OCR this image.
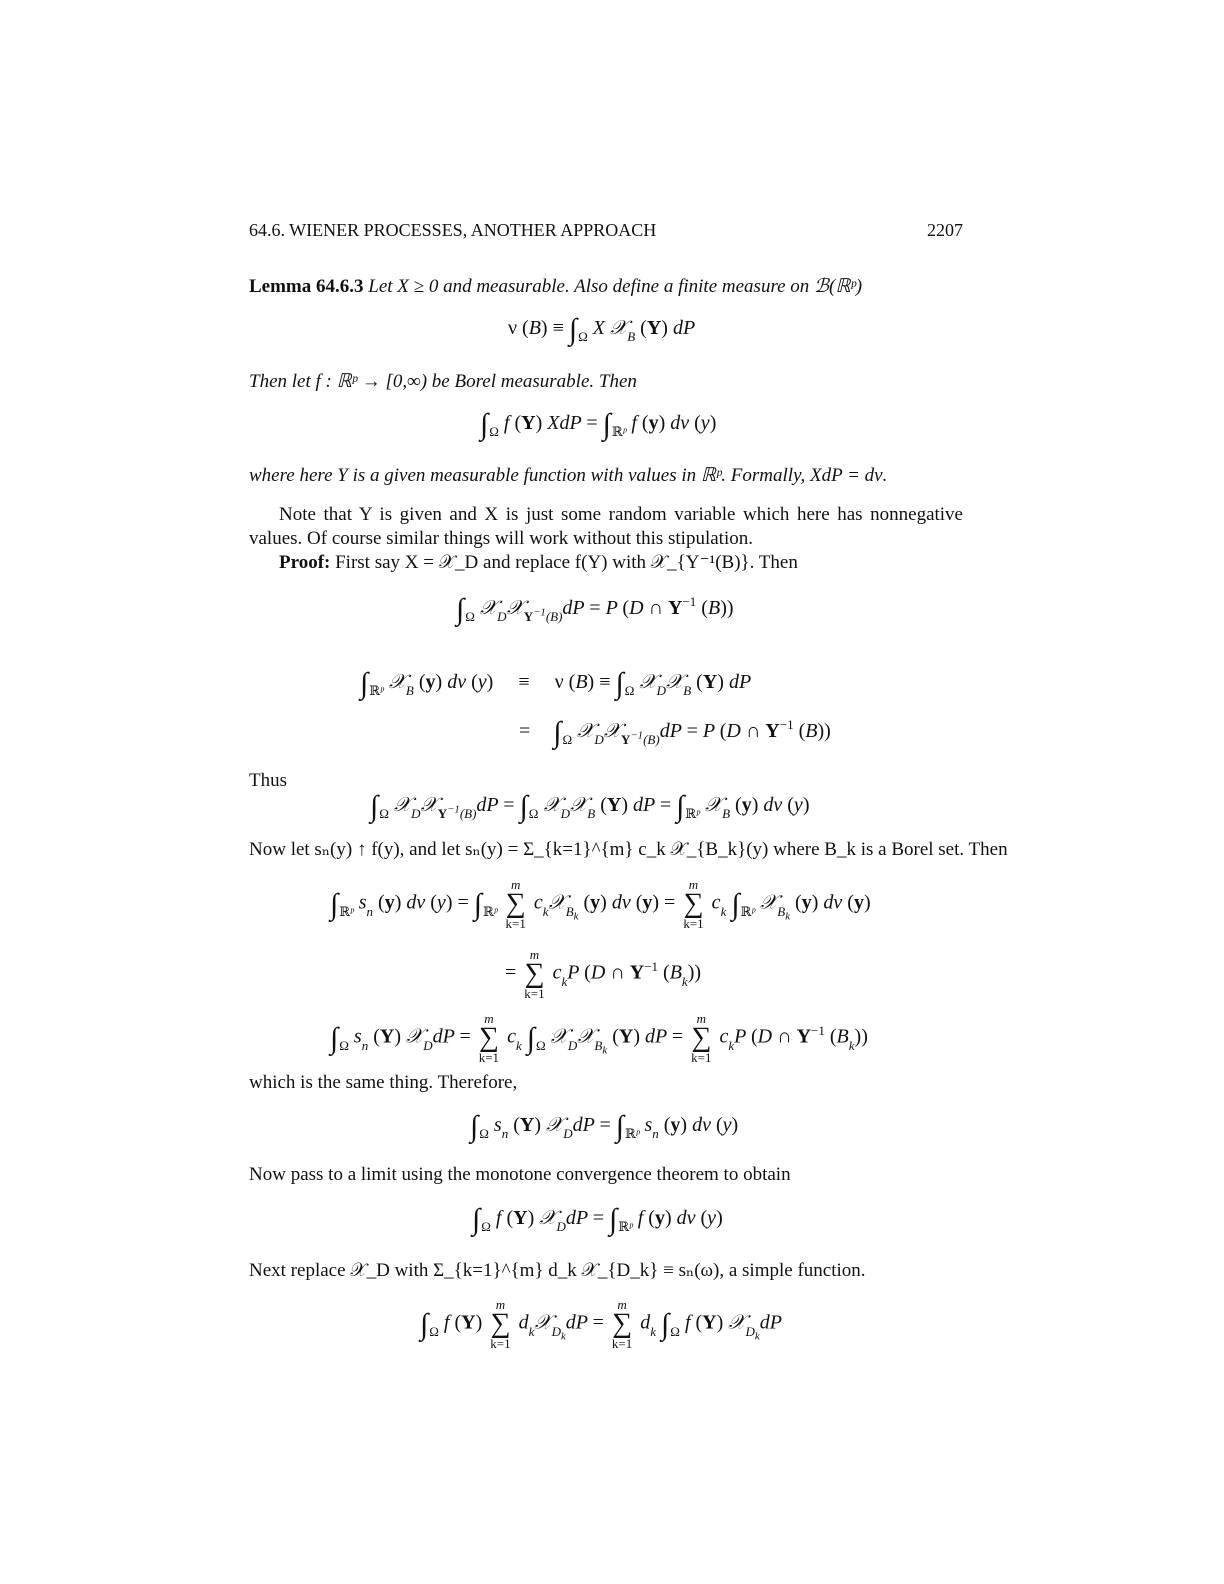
64.6. WIENER PROCESSES, ANOTHER APPROACH	2207
Lemma 64.6.3 Let X ≥ 0 and measurable. Also define a finite measure on ℬ(ℝᵖ)
ν $(B) \equiv \int_\Omega$ X 𝒳$_B$ (Y) dP
Then let f : ℝᵖ → [0,∞) be Borel measurable. Then
$\int_\Omega$ f (Y) XdP = $\int_{ℝᵖ}$ f (y) dν (y)
where here Y is a given measurable function with values in ℝᵖ. Formally, XdP = dν.
Note that Y is given and X is just some random variable which here has nonnegative values. Of course similar things will work without this stipulation.
Proof: First say X = 𝒳_D and replace f(Y) with 𝒳_{Y⁻¹(B)}. Then
$\int_\Omega$ 𝒳$_D$𝒳$_{Y^{-1}(B)}$dP = P (D ∩ $Y^{-1}$ (B))
$\int_{ℝᵖ}$ 𝒳$_B$ (y) dν (y) ≡ ν $(B) \equiv \int_\Omega$ 𝒳$_D$𝒳$_B$ (Y) dP
= $\int_\Omega$ 𝒳$_D$𝒳$_{Y^{-1}(B)}$dP = P (D ∩ $Y^{-1}$ (B))
Thus
$\int_\Omega$ 𝒳$_D$𝒳$_{Y^{-1}(B)}$dP = $\int_\Omega$ 𝒳$_D$𝒳$_B$ (Y) dP = $\int_{ℝᵖ}$ 𝒳$_B$ (y) dν (y)
Now let sₙ(y) ↑ f(y), and let sₙ(y) = Σ_{k=1}^{m} c_k 𝒳_{B_k}(y) where B_k is a Borel set. Then
$\int_{ℝᵖ}$ $s_n$ (y) dν $(y) = \int_{ℝᵖ}$
m
∑
k=1
$c_k𝒳_{B_k}$ (y) dν (y) =
m
∑
k=1
$c_k$ $\int_{ℝᵖ}$ 𝒳$_{B_k}$ (y) dν (y)
=
m
∑
k=1
$c_kP$ (D ∩ $Y^{-1}$ $(B_k)$)
$\int_\Omega$ $s_n$ (Y) 𝒳$_D$dP =
m
∑
k=1
$c_k$ $\int_\Omega$ 𝒳$_D$𝒳$_{B_k}$ (Y) dP =
m
∑
k=1
$c_kP$ (D ∩ $Y^{-1}$ $(B_k)$)
which is the same thing. Therefore,
$\int_\Omega$ $s_n$ (Y) 𝒳$_D$dP = $\int_{ℝᵖ}$ $s_n$ (y) dν (y)
Now pass to a limit using the monotone convergence theorem to obtain
$\int_\Omega$ f (Y) 𝒳$_D$dP = $\int_{ℝᵖ}$ f (y) dν (y)
Next replace 𝒳_D with Σ_{k=1}^{m} d_k 𝒳_{D_k} ≡ sₙ(ω), a simple function.
$\int_\Omega$ f (Y)
m
∑
k=1
$d_k𝒳_{D_k}dP$ =
m
∑
k=1
$d_k$ $\int_\Omega$ f (Y) 𝒳$_{D_k}$dP
